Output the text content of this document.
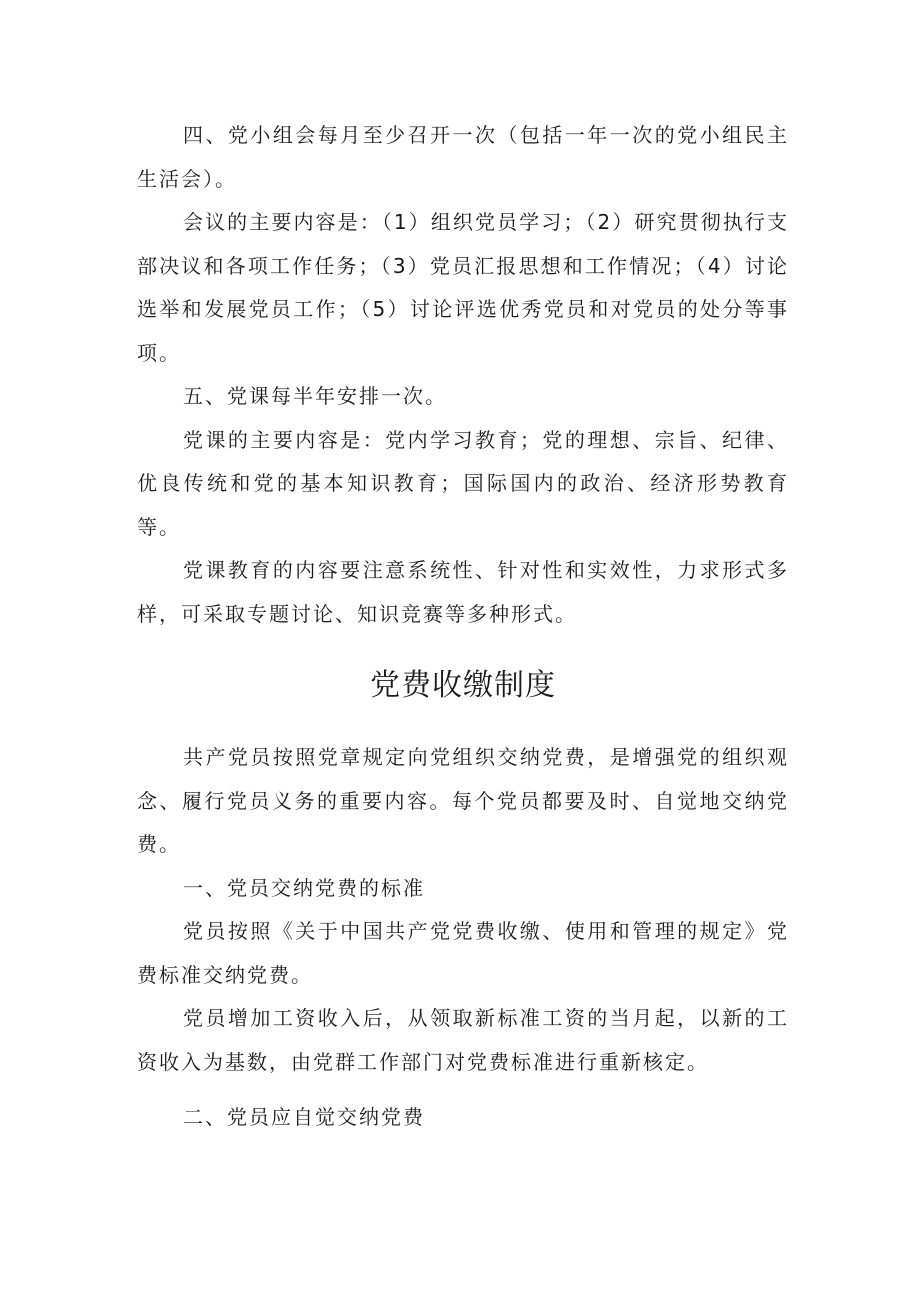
四、党小组会每月至少召开一次（包括一年一次的党小组民主生活会）。

会议的主要内容是：（1）组织党员学习；（2）研究贯彻执行支部决议和各项工作任务；（3）党员汇报思想和工作情况；（4）讨论选举和发展党员工作；（5）讨论评选优秀党员和对党员的处分等事项。

五、党课每半年安排一次。

党课的主要内容是：党内学习教育；党的理想、宗旨、纪律、优良传统和党的基本知识教育；国际国内的政治、经济形势教育等。

党课教育的内容要注意系统性、针对性和实效性，力求形式多样，可采取专题讨论、知识竞赛等多种形式。

党费收缴制度

共产党员按照党章规定向党组织交纳党费，是增强党的组织观念、履行党员义务的重要内容。每个党员都要及时、自觉地交纳党费。

一、党员交纳党费的标准

党员按照《关于中国共产党党费收缴、使用和管理的规定》党费标准交纳党费。

党员增加工资收入后，从领取新标准工资的当月起，以新的工资收入为基数，由党群工作部门对党费标准进行重新核定。

二、党员应自觉交纳党费
